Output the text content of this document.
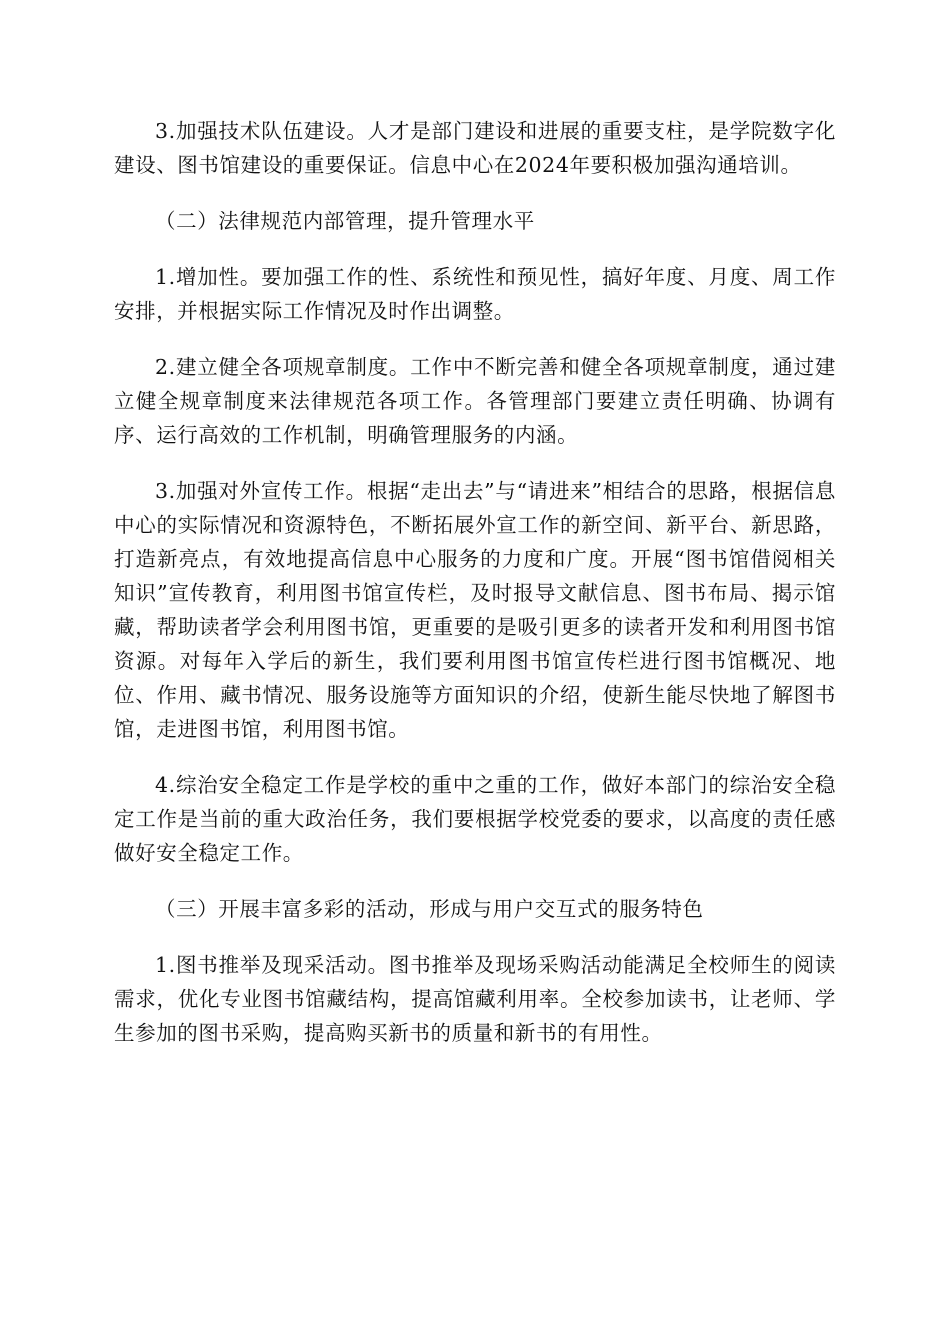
3.加强技术队伍建设。人才是部门建设和进展的重要支柱，是学院数字化建设、图书馆建设的重要保证。信息中心在2024年要积极加强沟通培训。

（二）法律规范内部管理，提升管理水平

1.增加性。要加强工作的性、系统性和预见性，搞好年度、月度、周工作安排，并根据实际工作情况及时作出调整。

2.建立健全各项规章制度。工作中不断完善和健全各项规章制度，通过建立健全规章制度来法律规范各项工作。各管理部门要建立责任明确、协调有序、运行高效的工作机制，明确管理服务的内涵。

3.加强对外宣传工作。根据“走出去”与“请进来”相结合的思路，根据信息中心的实际情况和资源特色，不断拓展外宣工作的新空间、新平台、新思路，打造新亮点，有效地提高信息中心服务的力度和广度。开展“图书馆借阅相关知识”宣传教育，利用图书馆宣传栏，及时报导文献信息、图书布局、揭示馆藏，帮助读者学会利用图书馆，更重要的是吸引更多的读者开发和利用图书馆资源。对每年入学后的新生，我们要利用图书馆宣传栏进行图书馆概况、地位、作用、藏书情况、服务设施等方面知识的介绍，使新生能尽快地了解图书馆，走进图书馆，利用图书馆。

4.综治安全稳定工作是学校的重中之重的工作，做好本部门的综治安全稳定工作是当前的重大政治任务，我们要根据学校党委的要求，以高度的责任感做好安全稳定工作。

（三）开展丰富多彩的活动，形成与用户交互式的服务特色

1.图书推举及现采活动。图书推举及现场采购活动能满足全校师生的阅读需求，优化专业图书馆藏结构，提高馆藏利用率。全校参加读书，让老师、学生参加的图书采购，提高购买新书的质量和新书的有用性。
